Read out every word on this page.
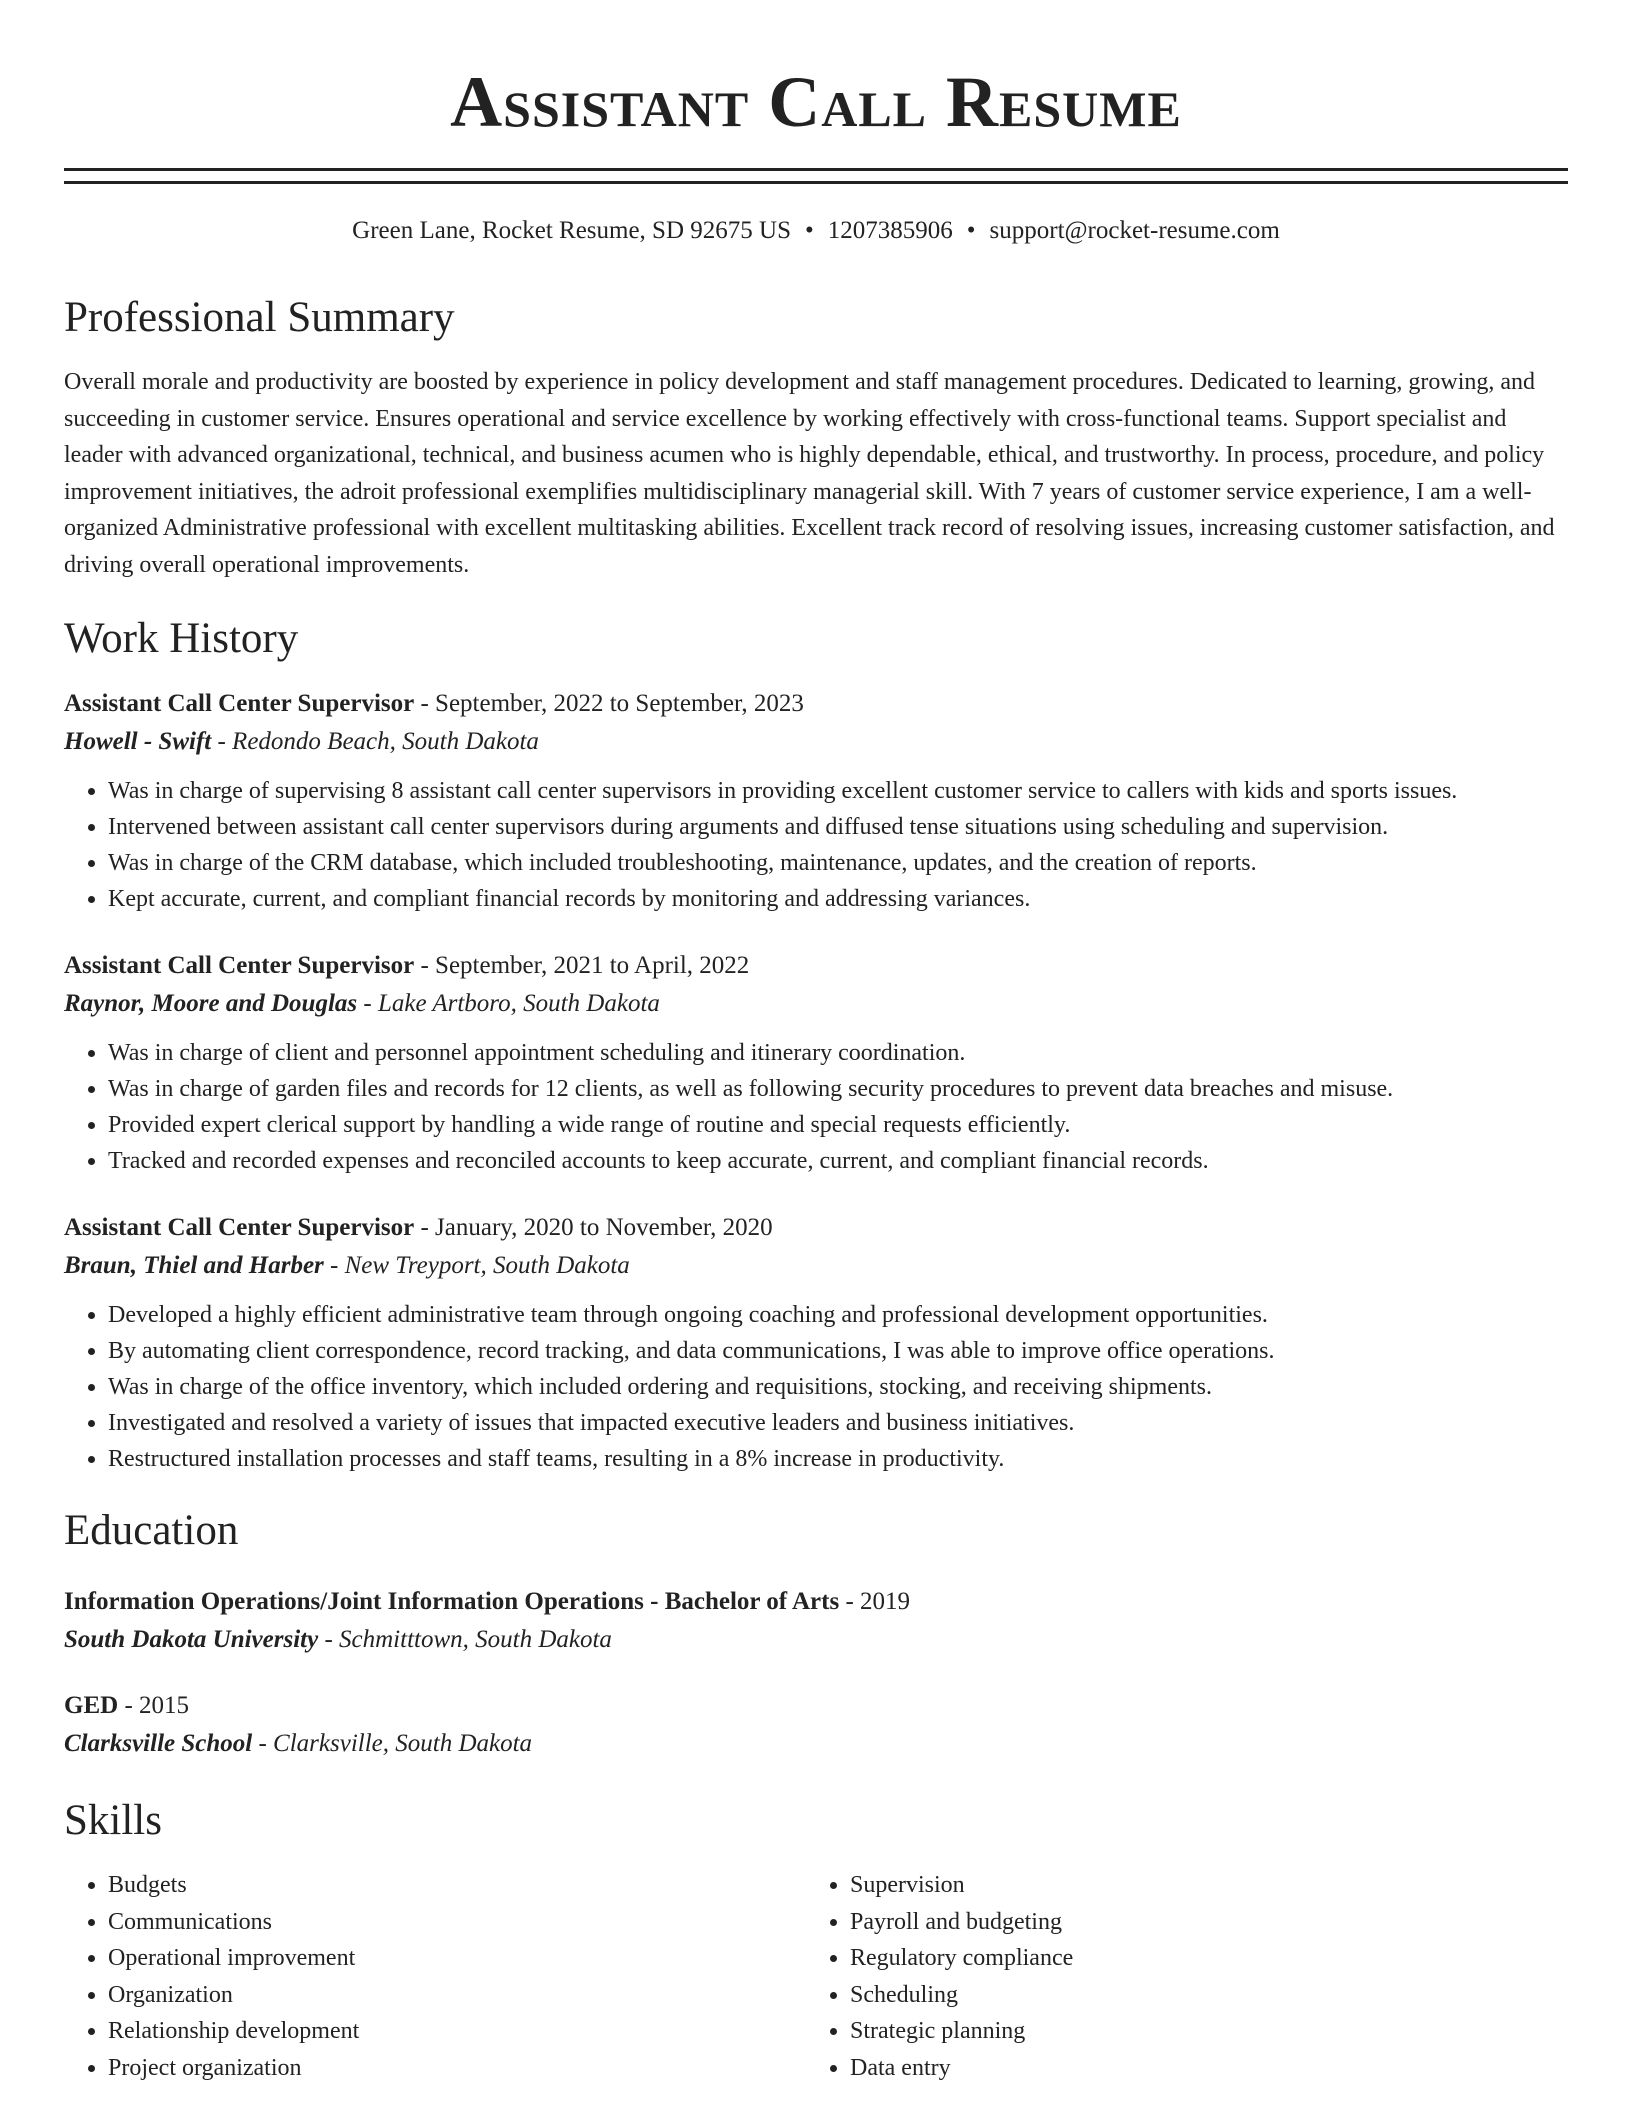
Assistant Call Resume
Green Lane, Rocket Resume, SD 92675 US • 1207385906 • support@rocket-resume.com
Professional Summary

Overall morale and productivity are boosted by experience in policy development and staff management procedures. Dedicated to learning, growing, and succeeding in customer service. Ensures operational and service excellence by working effectively with cross-functional teams. Support specialist and leader with advanced organizational, technical, and business acumen who is highly dependable, ethical, and trustworthy. In process, procedure, and policy improvement initiatives, the adroit professional exemplifies multidisciplinary managerial skill. With 7 years of customer service experience, I am a well-organized Administrative professional with excellent multitasking abilities. Excellent track record of resolving issues, increasing customer satisfaction, and driving overall operational improvements.

Work History
Assistant Call Center Supervisor - September, 2022 to September, 2023
Howell - Swift - Redondo Beach, South Dakota
• Was in charge of supervising 8 assistant call center supervisors in providing excellent customer service to callers with kids and sports issues.
• Intervened between assistant call center supervisors during arguments and diffused tense situations using scheduling and supervision.
• Was in charge of the CRM database, which included troubleshooting, maintenance, updates, and the creation of reports.
• Kept accurate, current, and compliant financial records by monitoring and addressing variances.
Assistant Call Center Supervisor - September, 2021 to April, 2022
Raynor, Moore and Douglas - Lake Artboro, South Dakota
• Was in charge of client and personnel appointment scheduling and itinerary coordination.
• Was in charge of garden files and records for 12 clients, as well as following security procedures to prevent data breaches and misuse.
• Provided expert clerical support by handling a wide range of routine and special requests efficiently.
• Tracked and recorded expenses and reconciled accounts to keep accurate, current, and compliant financial records.
Assistant Call Center Supervisor - January, 2020 to November, 2020
Braun, Thiel and Harber - New Treyport, South Dakota
• Developed a highly efficient administrative team through ongoing coaching and professional development opportunities.
• By automating client correspondence, record tracking, and data communications, I was able to improve office operations.
• Was in charge of the office inventory, which included ordering and requisitions, stocking, and receiving shipments.
• Investigated and resolved a variety of issues that impacted executive leaders and business initiatives.
• Restructured installation processes and staff teams, resulting in a 8% increase in productivity.
Education
Information Operations/Joint Information Operations - Bachelor of Arts - 2019
South Dakota University - Schmitttown, South Dakota
GED - 2015
Clarksville School - Clarksville, South Dakota
Skills
• Budgets
• Communications
• Operational improvement
• Organization
• Relationship development
• Project organization
• Supervision
• Payroll and budgeting
• Regulatory compliance
• Scheduling
• Strategic planning
• Data entry
